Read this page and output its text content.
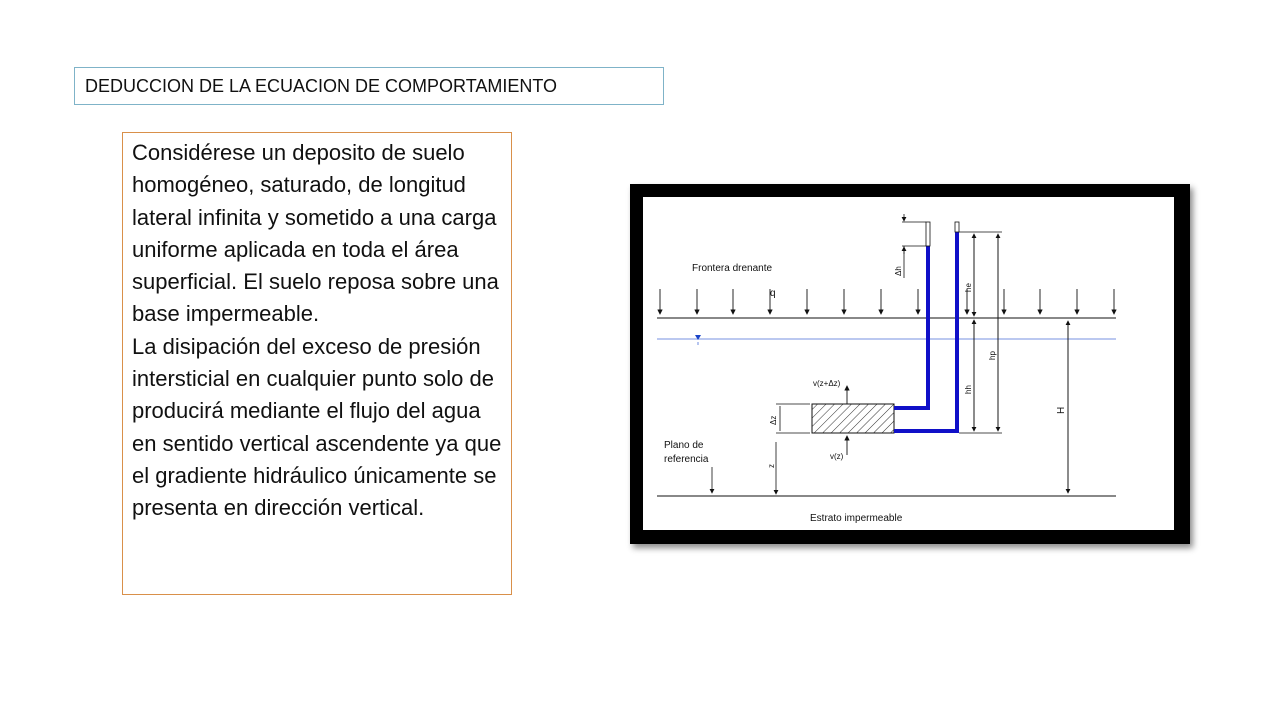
DEDUCCION DE LA ECUACION DE COMPORTAMIENTO

Considérese un deposito de suelo homogéneo, saturado, de longitud lateral infinita y sometido a una carga uniforme aplicada en toda el área superficial. El suelo reposa sobre una base impermeable.

La disipación del exceso de presión intersticial en cualquier punto solo de producirá mediante el flujo del agua en sentido vertical ascendente ya que el gradiente hidráulico únicamente se presenta en dirección vertical.

Frontera drenante
q
v(z+Δz)
v(z)
Δz
z
Plano de
referencia
Δh
he
hp
hh
H
Estrato impermeable
